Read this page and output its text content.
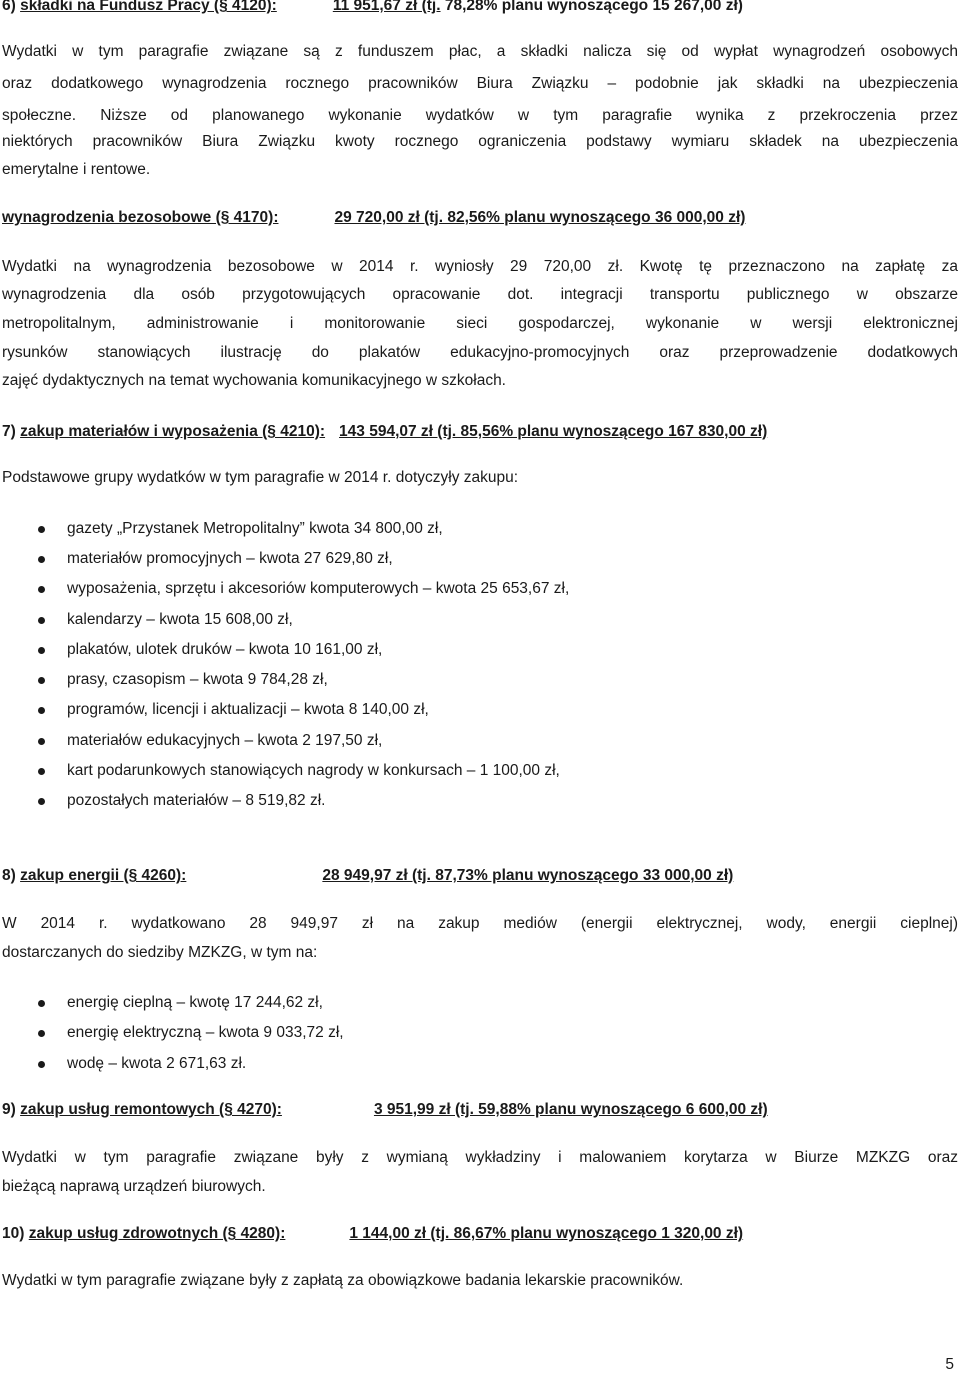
6) składki na Fundusz Pracy (§ 4120):	11 951,67 zł (tj. 78,28% planu wynoszącego 15 267,00 zł)
Wydatki w tym paragrafie związane są z funduszem płac, a składki nalicza się od wypłat wynagrodzeń osobowych
oraz dodatkowego wynagrodzenia rocznego pracowników Biura Związku – podobnie jak składki na ubezpieczenia
społeczne. Niższe od planowanego wykonanie wydatków w tym paragrafie wynika z przekroczenia przez
niektórych pracowników Biura Związku kwoty rocznego ograniczenia podstawy wymiaru składek na ubezpieczenia
emerytalne i rentowe.
wynagrodzenia bezosobowe (§ 4170):	29 720,00 zł (tj. 82,56% planu wynoszącego 36 000,00 zł)
Wydatki na wynagrodzenia bezosobowe w 2014 r. wyniosły 29 720,00 zł. Kwotę tę przeznaczono na zapłatę za
wynagrodzenia dla osób przygotowujących opracowanie dot. integracji transportu publicznego w obszarze
metropolitalnym, administrowanie i monitorowanie sieci gospodarczej, wykonanie w wersji elektronicznej
rysunków stanowiących ilustrację do plakatów edukacyjno-promocyjnych oraz przeprowadzenie dodatkowych
zajęć dydaktycznych na temat wychowania komunikacyjnego w szkołach.
7) zakup materiałów i wyposażenia (§ 4210): 143 594,07 zł (tj. 85,56% planu wynoszącego 167 830,00 zł)
Podstawowe grupy wydatków w tym paragrafie w 2014 r. dotyczyły zakupu:
gazety „Przystanek Metropolitalny” kwota 34 800,00 zł,
materiałów promocyjnych – kwota 27 629,80 zł,
wyposażenia, sprzętu i akcesoriów komputerowych – kwota 25 653,67 zł,
kalendarzy – kwota 15 608,00 zł,
plakatów, ulotek druków – kwota 10 161,00 zł,
prasy, czasopism – kwota 9 784,28 zł,
programów, licencji i aktualizacji – kwota 8 140,00 zł,
materiałów edukacyjnych – kwota 2 197,50 zł,
kart podarunkowych stanowiących nagrody w konkursach – 1 100,00 zł,
pozostałych materiałów – 8 519,82 zł.
8) zakup energii (§ 4260):	28 949,97 zł (tj. 87,73% planu wynoszącego 33 000,00 zł)
W 2014 r. wydatkowano 28 949,97 zł na zakup mediów (energii elektrycznej, wody, energii cieplnej)
dostarczanych do siedziby MZKZG, w tym na:
energię cieplną – kwotę 17 244,62 zł,
energię elektryczną – kwota 9 033,72 zł,
wodę – kwota 2 671,63 zł.
9) zakup usług remontowych (§ 4270):	3 951,99 zł (tj. 59,88% planu wynoszącego 6 600,00 zł)
Wydatki w tym paragrafie związane były z wymianą wykładziny i malowaniem korytarza w Biurze MZKZG oraz
bieżącą naprawą urządzeń biurowych.
10) zakup usług zdrowotnych (§ 4280):	1 144,00 zł (tj. 86,67% planu wynoszącego 1 320,00 zł)
Wydatki w tym paragrafie związane były z zapłatą za obowiązkowe badania lekarskie pracowników.
5
